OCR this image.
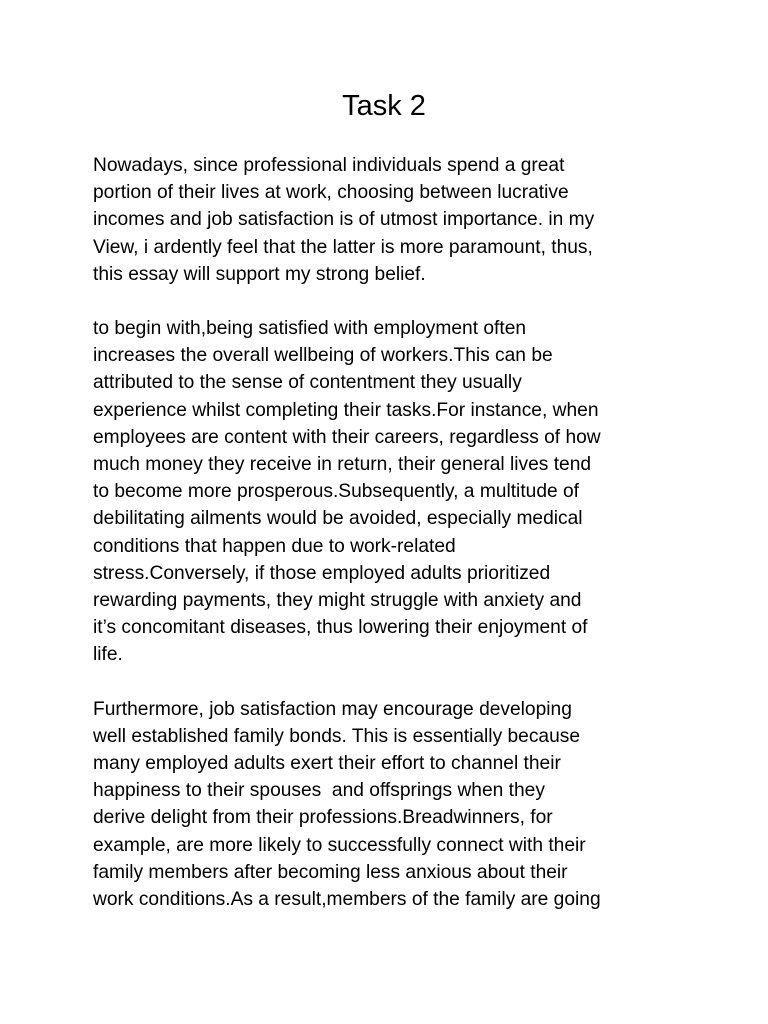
Task 2

Nowadays, since professional individuals spend a great
portion of their lives at work, choosing between lucrative
incomes and job satisfaction is of utmost importance. in my
View, i ardently feel that the latter is more paramount, thus,
this essay will support my strong belief.

to begin with,being satisfied with employment often
increases the overall wellbeing of workers.This can be
attributed to the sense of contentment they usually
experience whilst completing their tasks.For instance, when
employees are content with their careers, regardless of how
much money they receive in return, their general lives tend
to become more prosperous.Subsequently, a multitude of
debilitating ailments would be avoided, especially medical
conditions that happen due to work-related
stress.Conversely, if those employed adults prioritized
rewarding payments, they might struggle with anxiety and
it’s concomitant diseases, thus lowering their enjoyment of
life.

Furthermore, job satisfaction may encourage developing
well established family bonds. This is essentially because
many employed adults exert their effort to channel their
happiness to their spouses  and offsprings when they
derive delight from their professions.Breadwinners, for
example, are more likely to successfully connect with their
family members after becoming less anxious about their
work conditions.As a result,members of the family are going
